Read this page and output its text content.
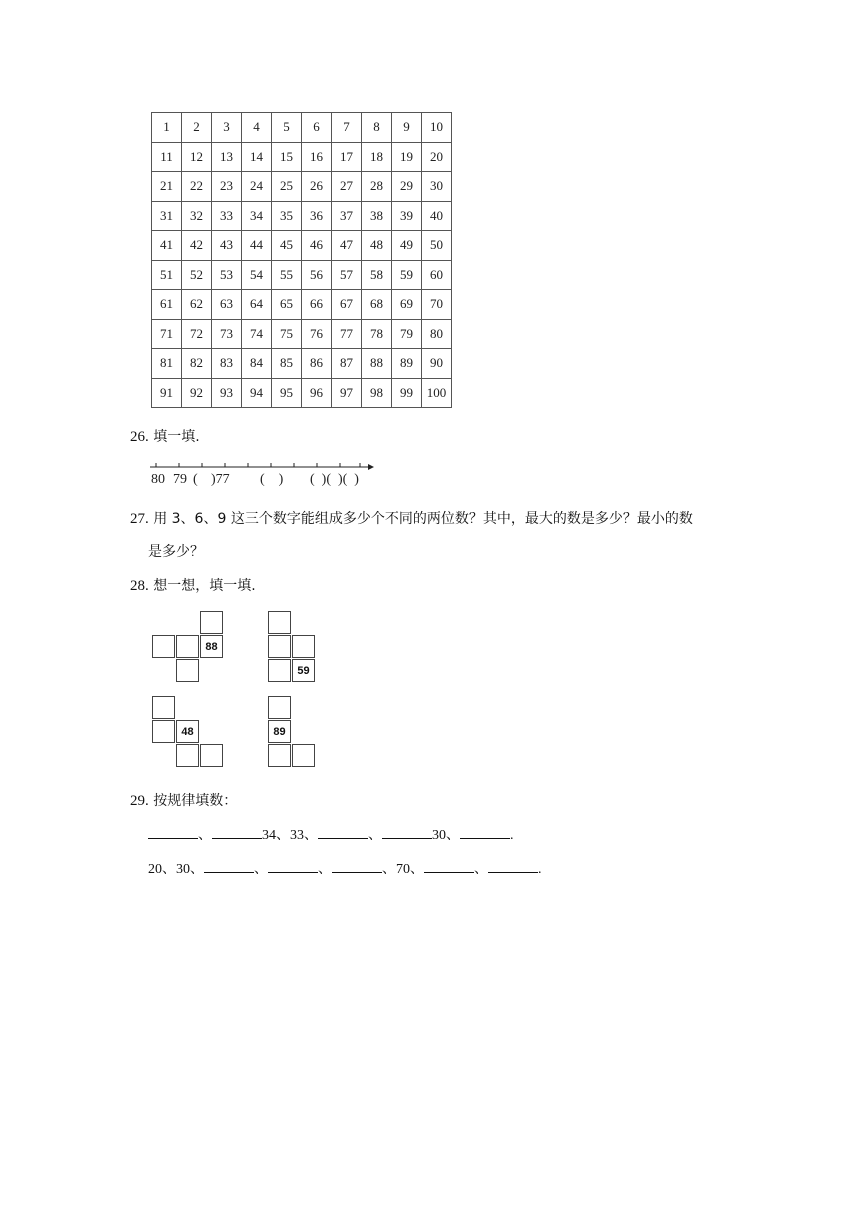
1	2	3	4	5	6	7	8	9	10
11	12	13	14	15	16	17	18	19	20
21	22	23	24	25	26	27	28	29	30
31	32	33	34	35	36	37	38	39	40
41	42	43	44	45	46	47	48	49	50
51	52	53	54	55	56	57	58	59	60
61	62	63	64	65	66	67	68	69	70
71	72	73	74	75	76	77	78	79	80
81	82	83	84	85	86	87	88	89	90
91	92	93	94	95	96	97	98	99	100
26. 填一填.
80 79 ( )77 (    ) (  )(  )(  )
27. 用 3、6、9 这三个数字能组成多少个不同的两位数？其中，最大的数是多少？最小的数
是多少？
28. 想一想，填一填.
88
59
48	89
29. 按规律填数：
、	34、33、	、	30、	.
20、30、	、	、	、70、	、	.
